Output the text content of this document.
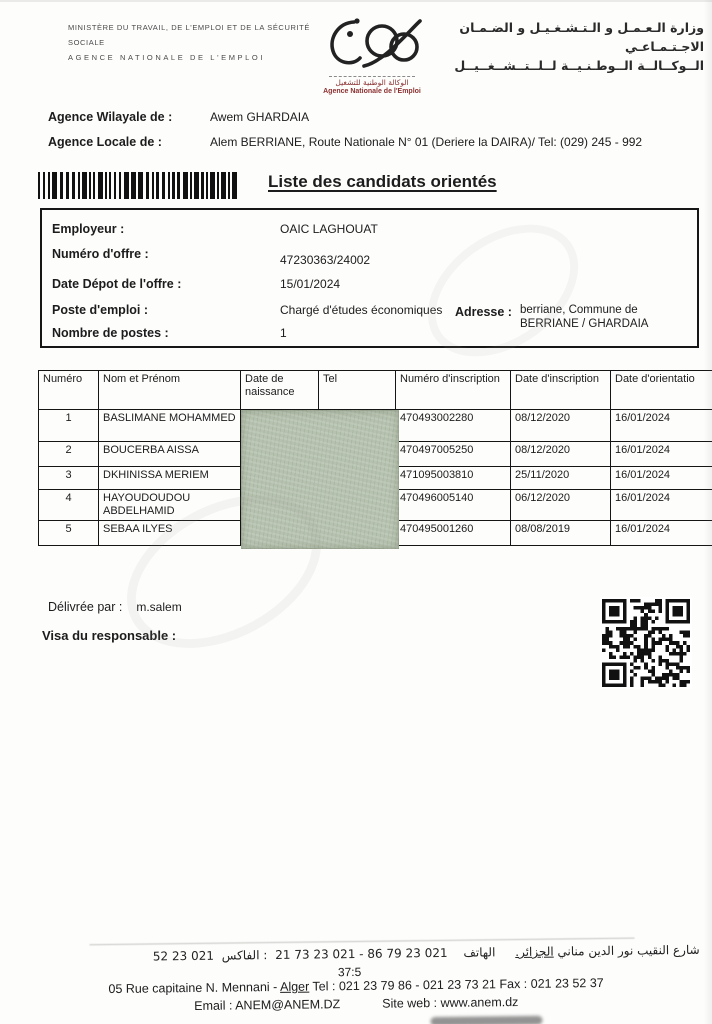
MINISTÈRE DU TRAVAIL, DE L'EMPLOI ET DE LA SÉCURITÉ SOCIALE
AGENCE NATIONALE DE L'EMPLOI
الوكالة الوطنية للتشغيل
Agence Nationale de l'Emploi
وزارة الـعـمـل و الـتـشـغـيـل و الضـمـان الاجـتـمـاعـي
الــوكــالــة الــوطـنـيــة لــلــتــشــغــيــل
Agence Wilayale de :	Awem GHARDAIA
Agence Locale de :	Alem BERRIANE, Route Nationale N° 01 (Deriere la DAIRA)/ Tel: (029) 245 - 992
Liste des candidats orientés
Employeur :	OAIC LAGHOUAT
Numéro d'offre :	47230363/24002
Date Dépot de l'offre :	15/01/2024
Poste d'emploi :	Chargé d'études économiques Adresse : berriane, Commune de BERRIANE / GHARDAIA
Nombre de postes :	1
Numéro	Nom et Prénom	Date de naissance	Tel	Numéro d'inscription	Date d'inscription	Date d'orientatio
1	BASLIMANE MOHAMMED			470493002280	08/12/2020	16/01/2024
2	BOUCERBA AISSA			470497005250	08/12/2020	16/01/2024
3	DKHINISSA MERIEM			471095003810	25/11/2020	16/01/2024
4	HAYOUDOUDOU ABDELHAMID			470496005140	06/12/2020	16/01/2024
5	SEBAA ILYES			470495001260	08/08/2019	16/01/2024
Délivrée par : m.salem
Visa du responsable :
شارع النقيب نور الدين مناني الجزائر. الهاتف 021 23 79 86 - 021 23 73 21 : الفاكس 021 23 52
37:5
05 Rue capitaine N. Mennani - Alger Tel : 021 23 79 86 - 021 23 73 21 Fax : 021 23 52 37
Email : ANEM@ANEM.DZ	Site web : www.anem.dz
